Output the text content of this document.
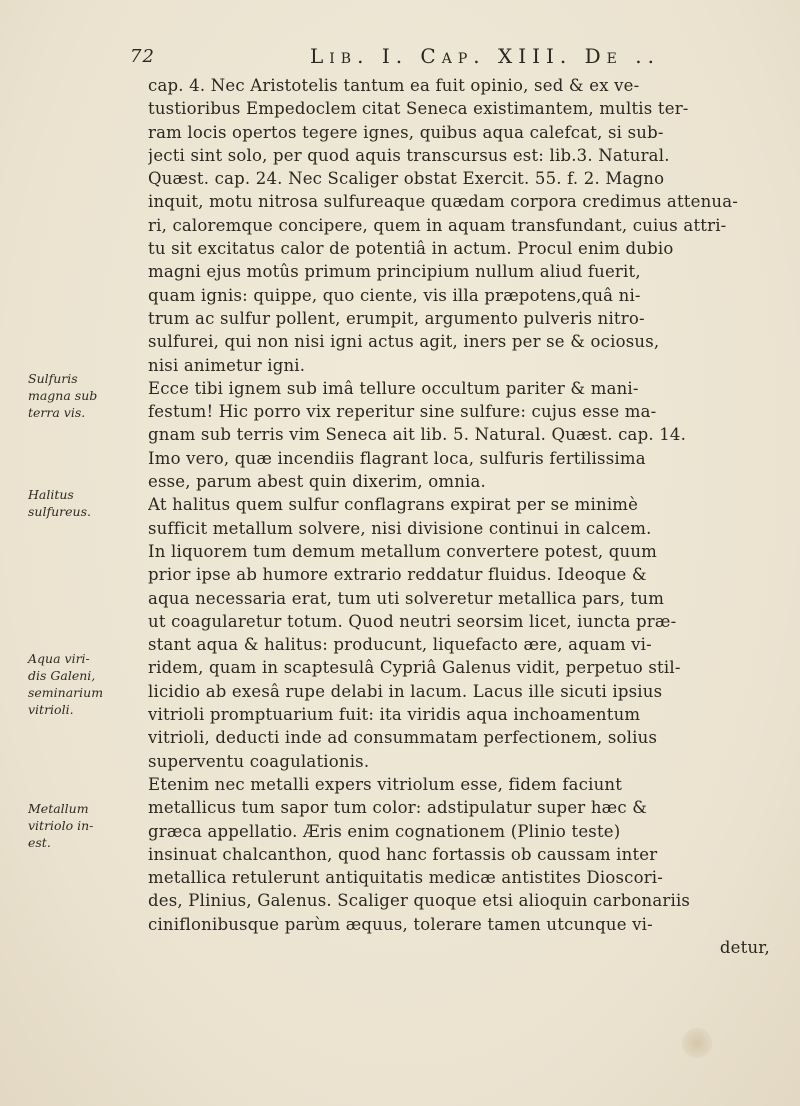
72	Lib. I. Cap. XIII. De ..
cap. 4. Nec Aristotelis tantum ea fuit opinio, sed & ex ve-
tustioribus Empedoclem citat Seneca existimantem, multis ter-
ram locis opertos tegere ignes, quibus aqua calefcat, si sub-
jecti sint solo, per quod aquis transcursus est: lib.3. Natural.
Quæst. cap. 24. Nec Scaliger obstat Exercit. 55. f. 2. Magno
inquit, motu nitrosa sulfureaque quædam corpora credimus attenua-
ri, caloremque concipere, quem in aquam transfundant, cuius attri-
tu sit excitatus calor de potentiâ in actum. Procul enim dubio
magni ejus motûs primum principium nullum aliud fuerit,
quam ignis: quippe, quo ciente, vis illa præpotens,quâ ni-
trum ac sulfur pollent, erumpit, argumento pulveris nitro-
sulfurei, qui non nisi igni actus agit, iners per se & ociosus,
nisi animetur igni.
Ecce tibi ignem sub imâ tellure occultum pariter & mani-
festum! Hic porro vix reperitur sine sulfure: cujus esse ma-
gnam sub terris vim Seneca ait lib. 5. Natural. Quæst. cap. 14.
Imo vero, quæ incendiis flagrant loca, sulfuris fertilissima
esse, parum abest quin dixerim, omnia.
At halitus quem sulfur conflagrans expirat per se minimè
sufficit metallum solvere, nisi divisione continui in calcem.
In liquorem tum demum metallum convertere potest, quum
prior ipse ab humore extrario reddatur fluidus. Ideoque &
aqua necessaria erat, tum uti solveretur metallica pars, tum
ut coagularetur totum. Quod neutri seorsim licet, iuncta præ-
stant aqua & halitus: producunt, liquefacto ære, aquam vi-
ridem, quam in scaptesulâ Cypriâ Galenus vidit, perpetuo stil-
licidio ab exesâ rupe delabi in lacum. Lacus ille sicuti ipsius
vitrioli promptuarium fuit: ita viridis aqua inchoamentum
vitrioli, deducti inde ad consummatam perfectionem, solius
superventu coagulationis.
Etenim nec metalli expers vitriolum esse, fidem faciunt
metallicus tum sapor tum color: adstipulatur super hæc &
græca appellatio. Æris enim cognationem (Plinio teste)
insinuat chalcanthon, quod hanc fortassis ob caussam inter
metallica retulerunt antiquitatis medicæ antistites Dioscori-
des, Plinius, Galenus. Scaliger quoque etsi alioquin carbonariis
ciniflonibusque parùm æquus, tolerare tamen utcunque vi-
detur,
Sulfuris
magna sub
terra vis.
Halitus
sulfureus.
Aqua viri-
dis Galeni,
seminarium
vitrioli.
Metallum
vitriolo in-
est.
